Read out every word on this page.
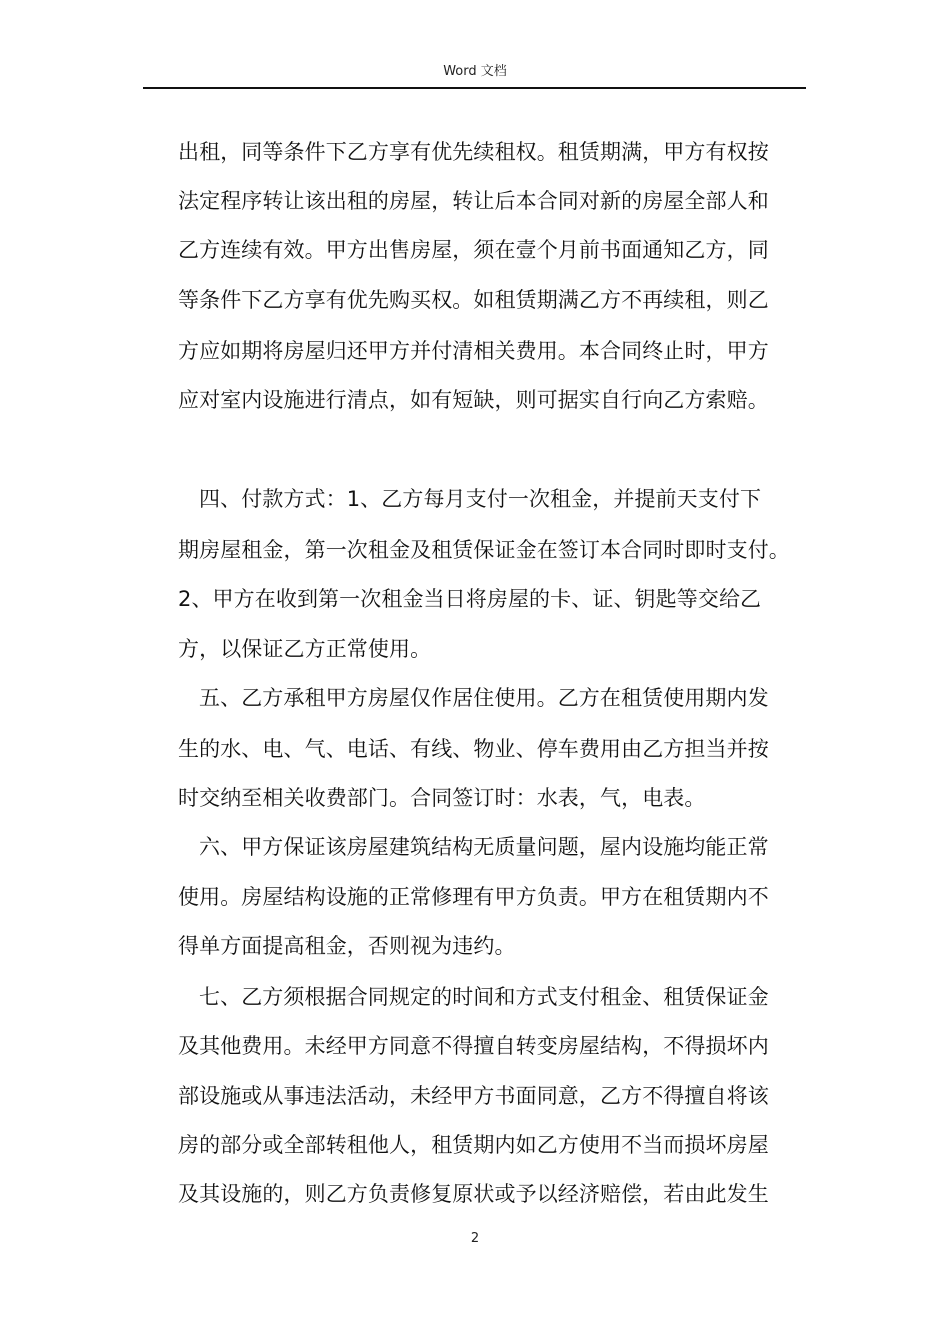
Word 文档
出租，同等条件下乙方享有优先续租权。租赁期满，甲方有权按
法定程序转让该出租的房屋，转让后本合同对新的房屋全部人和
乙方连续有效。甲方出售房屋，须在壹个月前书面通知乙方，同
等条件下乙方享有优先购买权。如租赁期满乙方不再续租，则乙
方应如期将房屋归还甲方并付清相关费用。本合同终止时，甲方
应对室内设施进行清点，如有短缺，则可据实自行向乙方索赔。
四、付款方式：1、乙方每月支付一次租金，并提前天支付下
期房屋租金，第一次租金及租赁保证金在签订本合同时即时支付。
2、甲方在收到第一次租金当日将房屋的卡、证、钥匙等交给乙
方，以保证乙方正常使用。
五、乙方承租甲方房屋仅作居住使用。乙方在租赁使用期内发
生的水、电、气、电话、有线、物业、停车费用由乙方担当并按
时交纳至相关收费部门。合同签订时：水表，气，电表。
六、甲方保证该房屋建筑结构无质量问题，屋内设施均能正常
使用。房屋结构设施的正常修理有甲方负责。甲方在租赁期内不
得单方面提高租金，否则视为违约。
七、乙方须根据合同规定的时间和方式支付租金、租赁保证金
及其他费用。未经甲方同意不得擅自转变房屋结构，不得损坏内
部设施或从事违法活动，未经甲方书面同意，乙方不得擅自将该
房的部分或全部转租他人，租赁期内如乙方使用不当而损坏房屋
及其设施的，则乙方负责修复原状或予以经济赔偿，若由此发生
2
